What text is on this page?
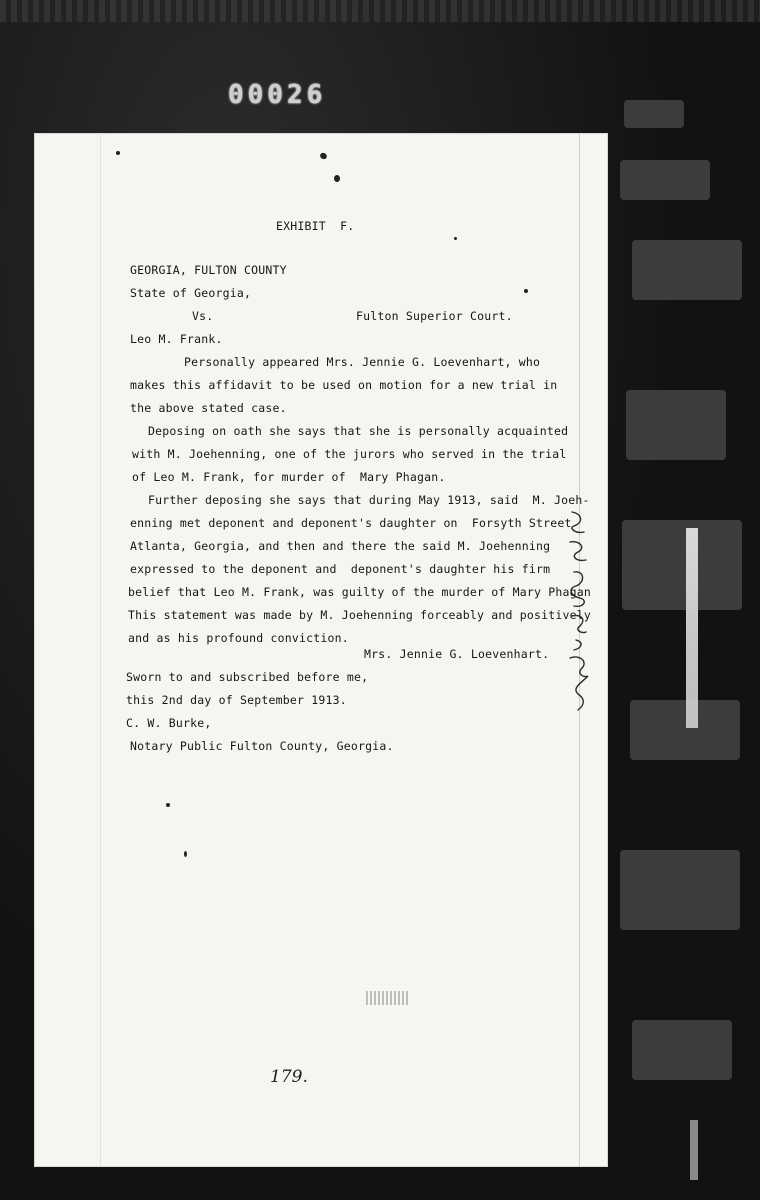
00026
EXHIBIT  F.
GEORGIA, FULTON COUNTY
State of Georgia,
Vs.	Fulton Superior Court.
Leo M. Frank.
Personally appeared Mrs. Jennie G. Loevenhart, who
makes this affidavit to be used on motion for a new trial in
the above stated case.
Deposing on oath she says that she is personally acquainted
with M. Joehenning, one of the jurors who served in the trial
of Leo M. Frank, for murder of  Mary Phagan.
Further deposing she says that during May 1913, said  M. Joeh-
enning met deponent and deponent's daughter on  Forsyth Street
Atlanta, Georgia, and then and there the said M. Joehenning
expressed to the deponent and  deponent's daughter his firm
belief that Leo M. Frank, was guilty of the murder of Mary Phagan
This statement was made by M. Joehenning forceably and positively
and as his profound conviction.
Mrs. Jennie G. Loevenhart.
Sworn to and subscribed before me,
this 2nd day of September 1913.
C. W. Burke,
Notary Public Fulton County, Georgia.
179.
